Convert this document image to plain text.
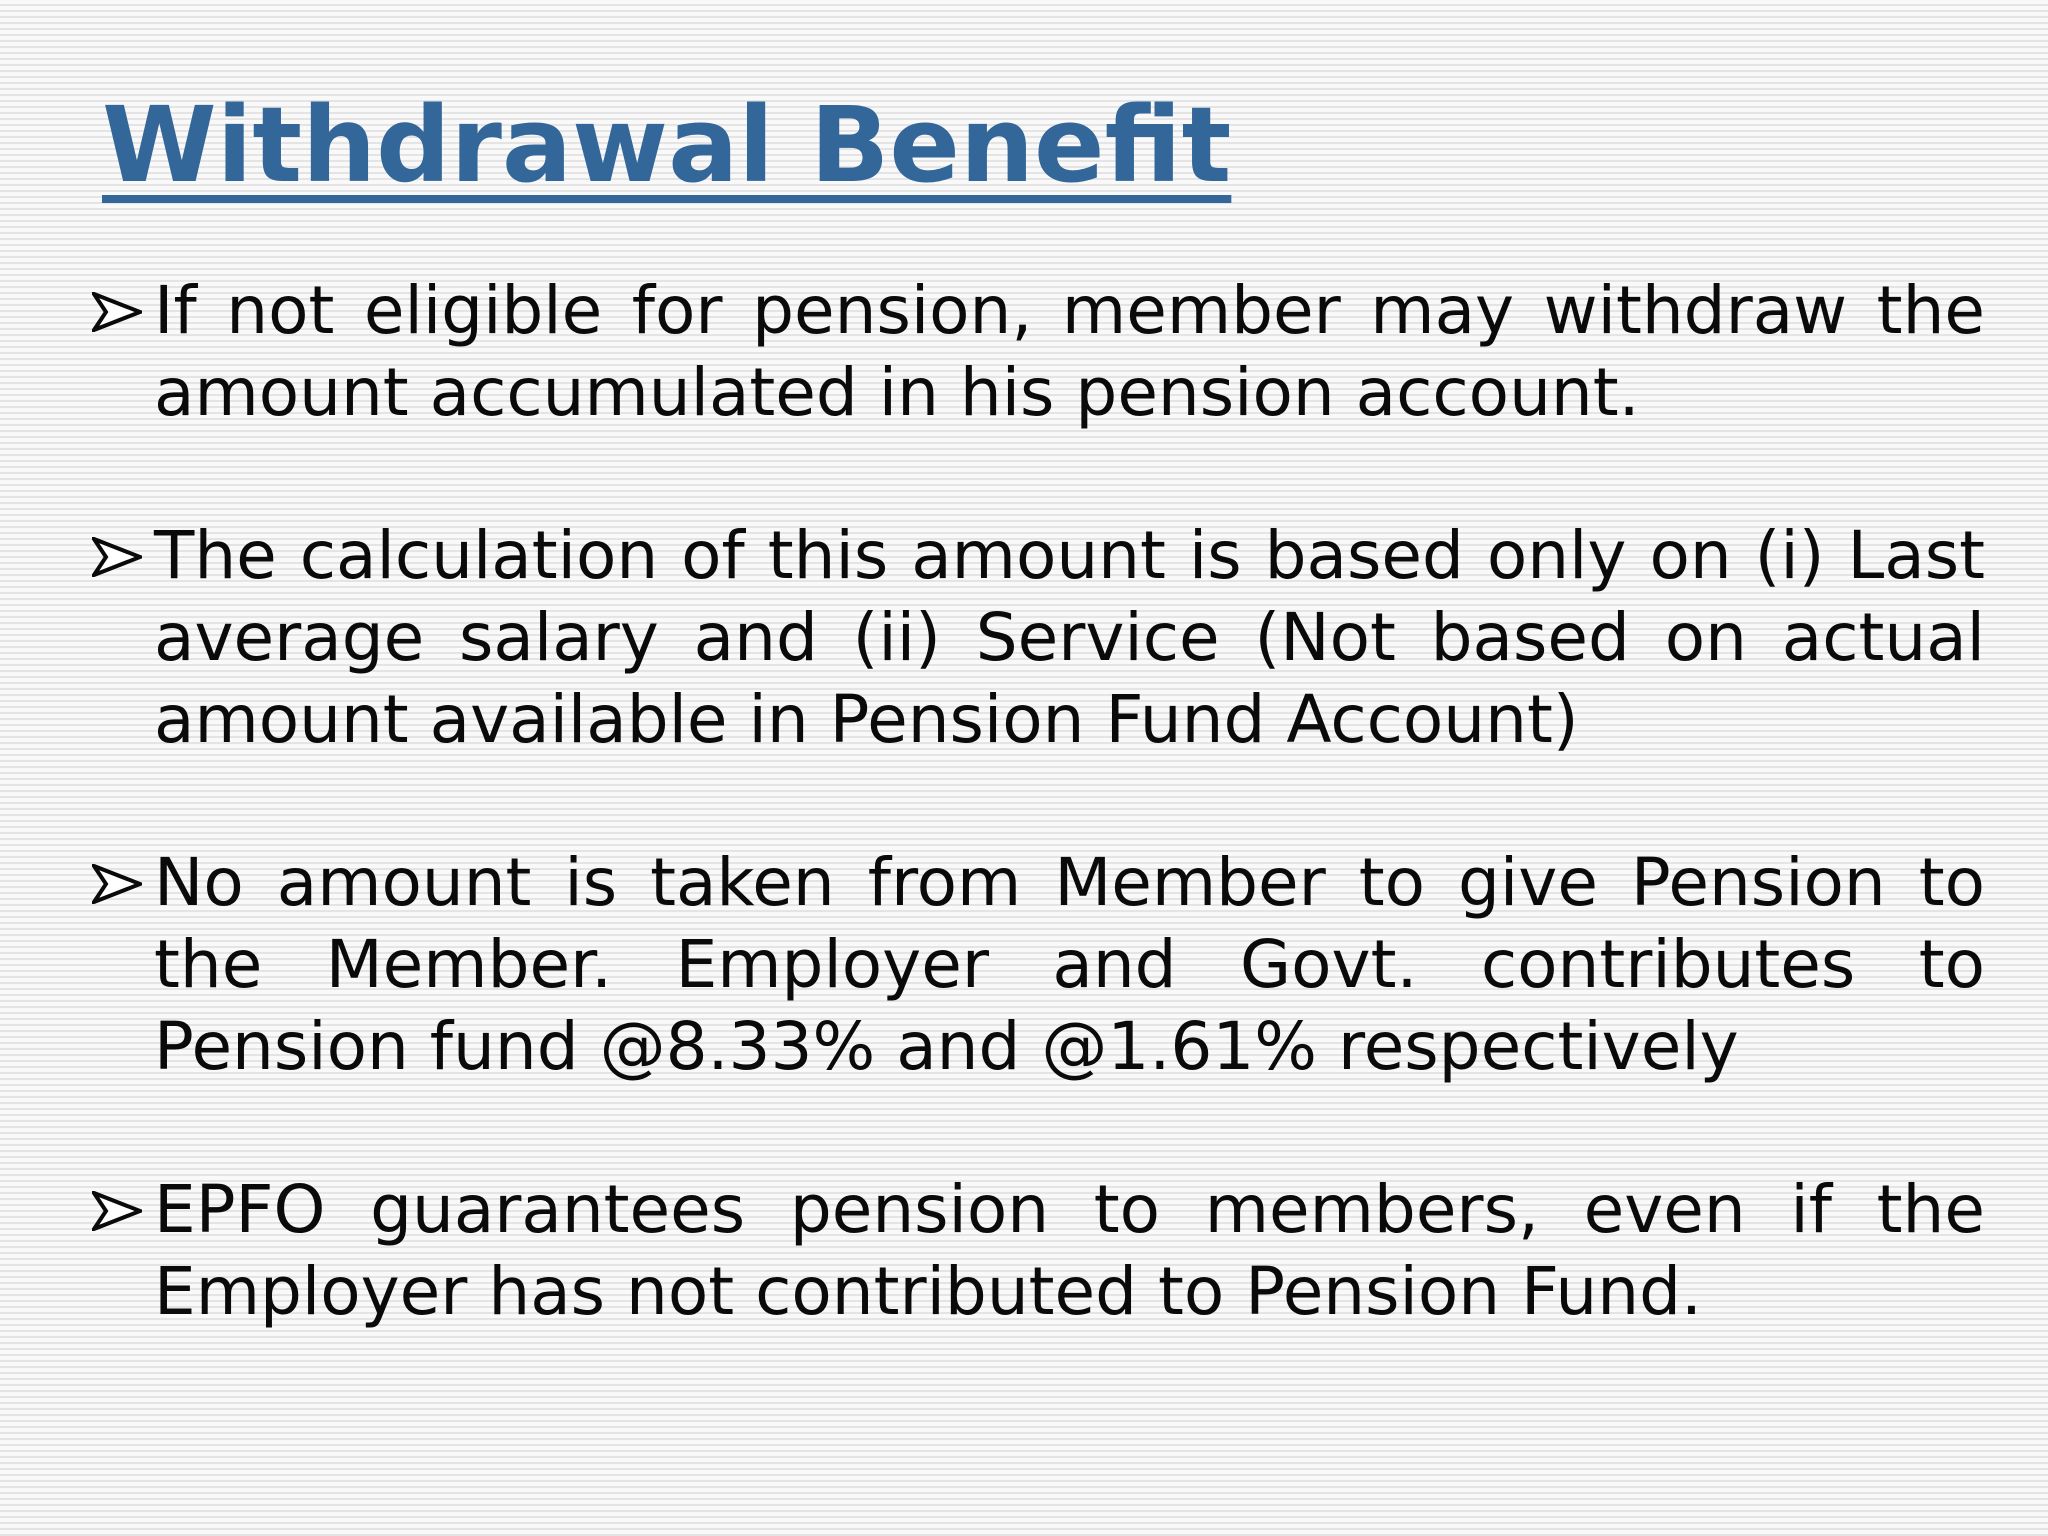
Withdrawal Benefit
If not eligible for pension, member may withdraw the amount accumulated in his pension account.
The calculation of this amount is based only on (i) Last average salary and (ii) Service (Not based on actual amount available in Pension Fund Account)
No amount is taken from Member to give Pension to the Member. Employer and Govt. contributes to Pension fund @8.33% and @1.61% respectively
EPFO guarantees pension to members, even if the Employer has not contributed to Pension Fund.
